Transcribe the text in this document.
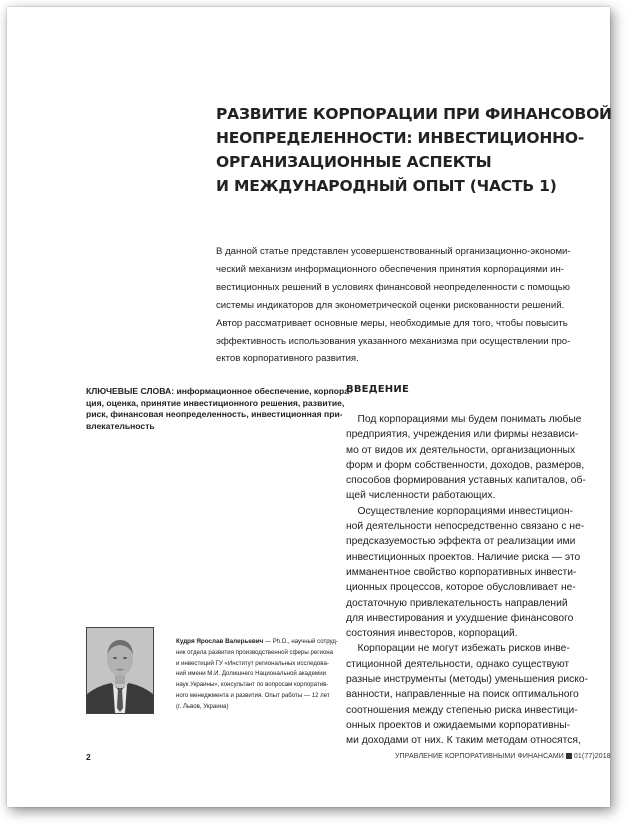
РАЗВИТИЕ КОРПОРАЦИИ ПРИ ФИНАНСОВОЙ
НЕОПРЕДЕЛЕННОСТИ: ИНВЕСТИЦИОННО-
ОРГАНИЗАЦИОННЫЕ АСПЕКТЫ
И МЕЖДУНАРОДНЫЙ ОПЫТ (ЧАСТЬ 1)

В данной статье представлен усовершенствованный организационно-экономи-
ческий механизм информационного обеспечения принятия корпорациями ин-
вестиционных решений в условиях финансовой неопределенности с помощью
системы индикаторов для эконометрической оценки рискованности решений.
Автор рассматривает основные меры, необходимые для того, чтобы повысить
эффективность использования указанного механизма при осуществлении про-
ектов корпоративного развития.

КЛЮЧЕВЫЕ СЛОВА: информационное обеспечение, корпора-
ция, оценка, принятие инвестиционного решения, развитие,
риск, финансовая неопределенность, инвестиционная при-
влекательность

ВВЕДЕНИЕ
Под корпорациями мы будем понимать любые
предприятия, учреждения или фирмы независи-
мо от видов их деятельности, организационных
форм и форм собственности, доходов, размеров,
способов формирования уставных капиталов, об-
щей численности работающих.
Осуществление корпорациями инвестицион-
ной деятельности непосредственно связано с не-
предсказуемостью эффекта от реализации ими
инвестиционных проектов. Наличие риска — это
имманентное свойство корпоративных инвести-
ционных процессов, которое обусловливает не-
достаточную привлекательность направлений
для инвестирования и ухудшение финансового
состояния инвесторов, корпораций.
Корпорации не могут избежать рисков инве-
стиционной деятельности, однако существуют
разные инструменты (методы) уменьшения риско-
ванности, направленные на поиск оптимального
соотношения между степенью риска инвестици-
онных проектов и ожидаемыми корпоративны-
ми доходами от них. К таким методам относятся,

Кудря Ярослав Валерьевич — Ph.D., научный сотруд-
ник отдела развития производственной сферы региона
и инвестиций ГУ «Институт региональных исследова-
ний имени М.И. Долишнего Национальной академии
наук Украины», консультант по вопросам корпоратив-
ного менеджмента и развития. Опыт работы — 12 лет
(г. Львов, Украина)

2	УПРАВЛЕНИЕ КОРПОРАТИВНЫМИ ФИНАНСАМИ 01(77)2018
